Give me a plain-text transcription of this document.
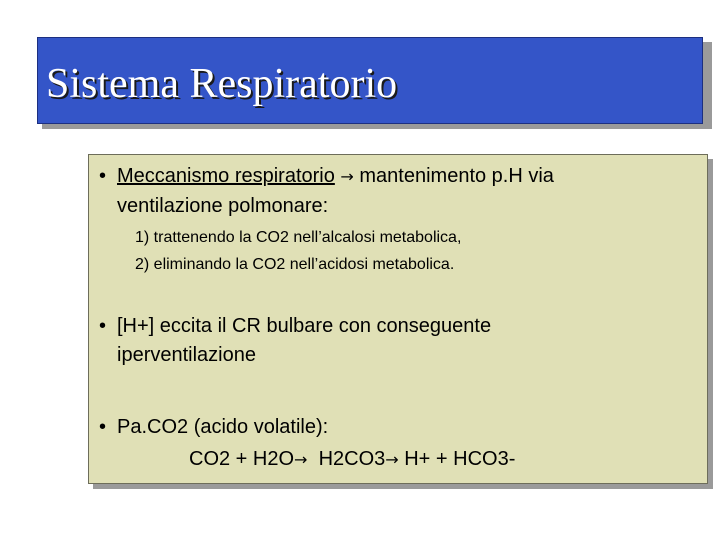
Sistema Respiratorio
• Meccanismo respiratorio → mantenimento p.H via
ventilazione polmonare:
1) trattenendo la CO2 nell’alcalosi metabolica,
2) eliminando la CO2 nell’acidosi metabolica.
• [H+] eccita il CR bulbare con conseguente
iperventilazione
• Pa.CO2 (acido volatile):
CO2 + H2O→  H2CO3→ H+ + HCO3-
